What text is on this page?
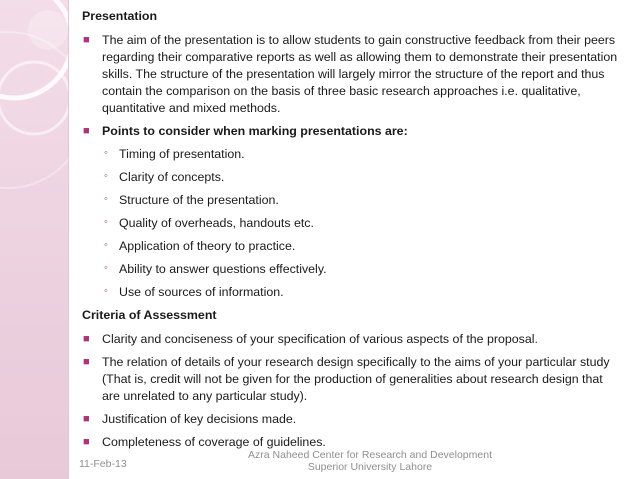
Presentation
■ The aim of the presentation is to allow students to gain constructive feedback from their peers regarding their comparative reports as well as allowing them to demonstrate their presentation skills. The structure of the presentation will largely mirror the structure of the report and thus contain the comparison on the basis of three basic research approaches i.e. qualitative, quantitative and mixed methods.
■ Points to consider when marking presentations are:
◦ Timing of presentation.
◦ Clarity of concepts.
◦ Structure of the presentation.
◦ Quality of overheads, handouts etc.
◦ Application of theory to practice.
◦ Ability to answer questions effectively.
◦ Use of sources of information.
Criteria of Assessment
■ Clarity and conciseness of your specification of various aspects of the proposal.
■ The relation of details of your research design specifically to the aims of your particular study (That is, credit will not be given for the production of generalities about research design that are unrelated to any particular study).
■ Justification of key decisions made.
■ Completeness of coverage of guidelines.
11-Feb-13
Azra Naheed Center for Research and Development
Superior University Lahore
